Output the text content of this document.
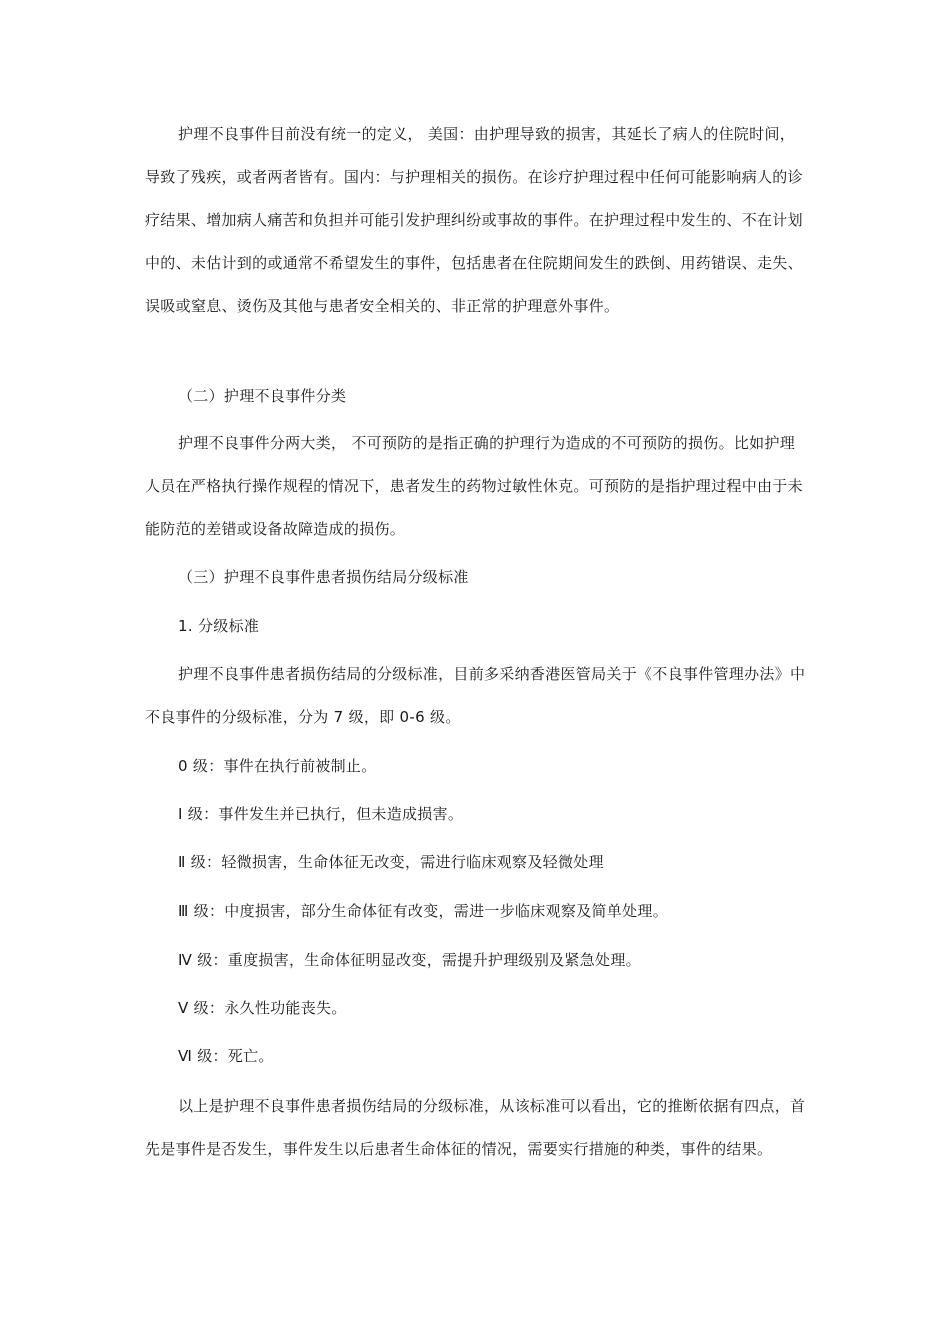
护理不良事件目前没有统一的定义， 美国：由护理导致的损害，其延长了病人的住院时间，导致了残疾，或者两者皆有。国内：与护理相关的损伤。在诊疗护理过程中任何可能影响病人的诊疗结果、增加病人痛苦和负担并可能引发护理纠纷或事故的事件。在护理过程中发生的、不在计划中的、未估计到的或通常不希望发生的事件，包括患者在住院期间发生的跌倒、用药错误、走失、误吸或窒息、烫伤及其他与患者安全相关的、非正常的护理意外事件。

（二）护理不良事件分类

护理不良事件分两大类， 不可预防的是指正确的护理行为造成的不可预防的损伤。比如护理人员在严格执行操作规程的情况下，患者发生的药物过敏性休克。可预防的是指护理过程中由于未能防范的差错或设备故障造成的损伤。

（三）护理不良事件患者损伤结局分级标准

1. 分级标准

护理不良事件患者损伤结局的分级标准，目前多采纳香港医管局关于《不良事件管理办法》中不良事件的分级标准，分为 7 级，即 0-6 级。

0 级：事件在执行前被制止。

Ⅰ 级：事件发生并已执行，但未造成损害。

Ⅱ 级：轻微损害，生命体征无改变，需进行临床观察及轻微处理

Ⅲ 级：中度损害，部分生命体征有改变，需进一步临床观察及简单处理。

Ⅳ 级：重度损害，生命体征明显改变，需提升护理级别及紧急处理。

Ⅴ 级：永久性功能丧失。

Ⅵ 级：死亡。

以上是护理不良事件患者损伤结局的分级标准，从该标准可以看出，它的推断依据有四点，首先是事件是否发生，事件发生以后患者生命体征的情况，需要实行措施的种类，事件的结果。
